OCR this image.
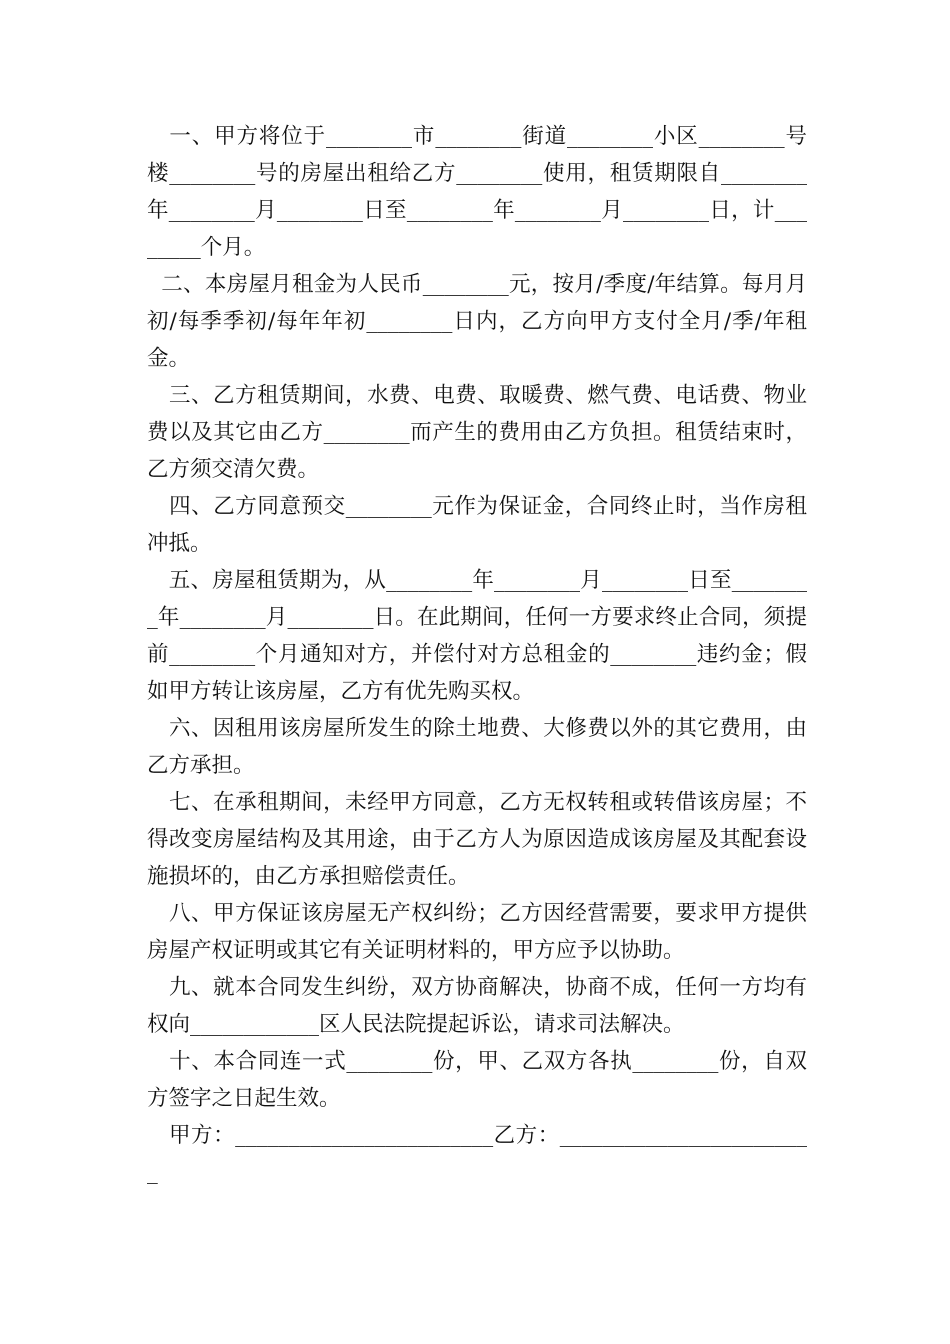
　一、甲方将位于________市________街道________小区________号楼________号的房屋出租给乙方________使用，租赁期限自________年________月________日至________年________月________日，计________个月。

二、本房屋月租金为人民币________元，按月/季度/年结算。每月月初/每季季初/每年年初________日内，乙方向甲方支付全月/季/年租金。

　三、乙方租赁期间，水费、电费、取暖费、燃气费、电话费、物业费以及其它由乙方________而产生的费用由乙方负担。租赁结束时，乙方须交清欠费。

　四、乙方同意预交________元作为保证金，合同终止时，当作房租冲抵。

　五、房屋租赁期为，从________年________月________日至________年________月________日。在此期间，任何一方要求终止合同，须提前________个月通知对方，并偿付对方总租金的________违约金；假如甲方转让该房屋，乙方有优先购买权。

　六、因租用该房屋所发生的除土地费、大修费以外的其它费用，由乙方承担。

　七、在承租期间，未经甲方同意，乙方无权转租或转借该房屋；不得改变房屋结构及其用途，由于乙方人为原因造成该房屋及其配套设施损坏的，由乙方承担赔偿责任。

　八、甲方保证该房屋无产权纠纷；乙方因经营需要，要求甲方提供房屋产权证明或其它有关证明材料的，甲方应予以协助。

　九、就本合同发生纠纷，双方协商解决，协商不成，任何一方均有权向____________区人民法院提起诉讼，请求司法解决。

　十、本合同连一式________份，甲、乙双方各执________份，自双方签字之日起生效。

　甲方：________________________乙方：________________________
